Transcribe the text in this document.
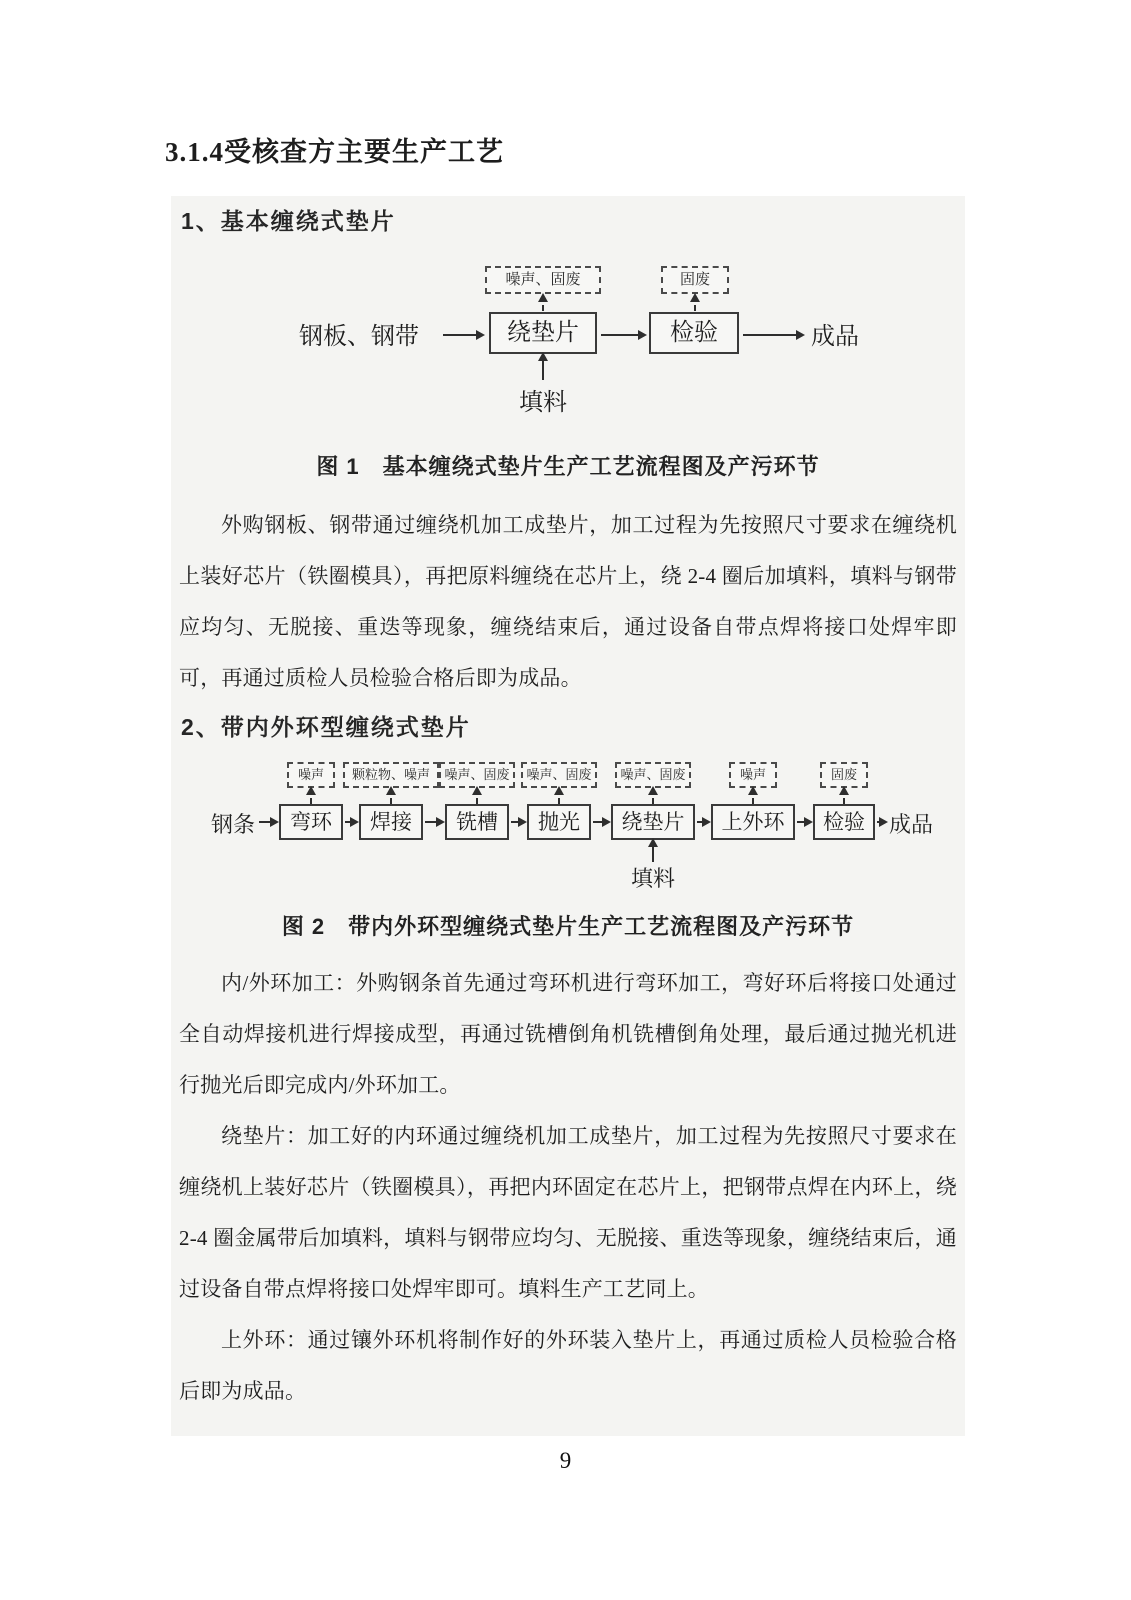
3.1.4受核查方主要生产工艺
1、基本缠绕式垫片
噪声、固废	固废
钢板、钢带	绕垫片	检验	成品
填料
图 1　基本缠绕式垫片生产工艺流程图及产污环节

外购钢板、钢带通过缠绕机加工成垫片，加工过程为先按照尺寸要求在缠绕机上装好芯片（铁圈模具），再把原料缠绕在芯片上，绕 2-4 圈后加填料，填料与钢带应均匀、无脱接、重迭等现象，缠绕结束后，通过设备自带点焊将接口处焊牢即可，再通过质检人员检验合格后即为成品。

2、带内外环型缠绕式垫片
噪声	颗粒物、噪声	噪声、固废	噪声、固废	噪声、固废	噪声	固废
钢条	弯环	焊接	铣槽	抛光	绕垫片	上外环	检验	成品
填料
图 2　带内外环型缠绕式垫片生产工艺流程图及产污环节

内/外环加工：外购钢条首先通过弯环机进行弯环加工，弯好环后将接口处通过全自动焊接机进行焊接成型，再通过铣槽倒角机铣槽倒角处理，最后通过抛光机进行抛光后即完成内/外环加工。

绕垫片：加工好的内环通过缠绕机加工成垫片，加工过程为先按照尺寸要求在缠绕机上装好芯片（铁圈模具），再把内环固定在芯片上，把钢带点焊在内环上，绕 2-4 圈金属带后加填料，填料与钢带应均匀、无脱接、重迭等现象，缠绕结束后，通过设备自带点焊将接口处焊牢即可。填料生产工艺同上。

上外环：通过镶外环机将制作好的外环装入垫片上，再通过质检人员检验合格后即为成品。

9
